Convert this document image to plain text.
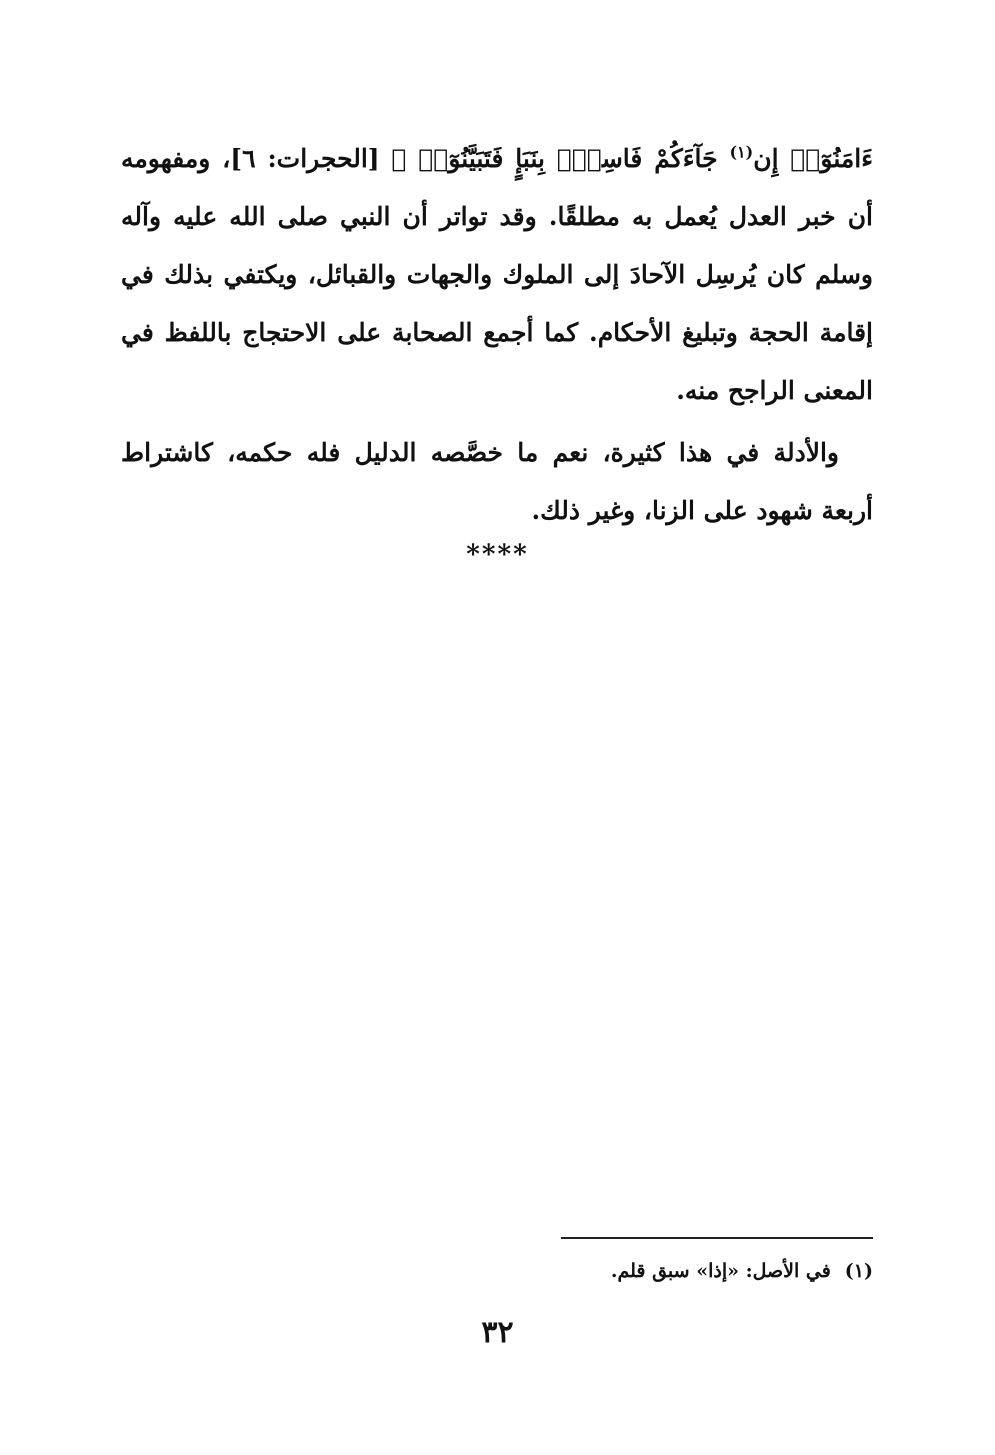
ءَامَنُوٓا۟ إِن$^{(١)}$ جَآءَكُمْ فَاسِقٌۢ بِنَبَإٍ فَتَبَيَّنُوٓا۟ ﴾ [الحجرات: ٦]، ومفهومه أن خبر العدل يُعمل به مطلقًا. وقد تواتر أن النبي صلى الله عليه وآله وسلم كان يُرسِل الآحادَ إلى الملوك والجهات والقبائل، ويكتفي بذلك في إقامة الحجة وتبليغ الأحكام. كما أجمع الصحابة على الاحتجاج باللفظ في المعنى الراجح منه.

والأدلة في هذا كثيرة، نعم ما خصَّصه الدليل فله حكمه، كاشتراط أربعة شهود على الزنا، وغير ذلك.

****
(١)في الأصل: «إذا» سبق قلم.
٣٢
